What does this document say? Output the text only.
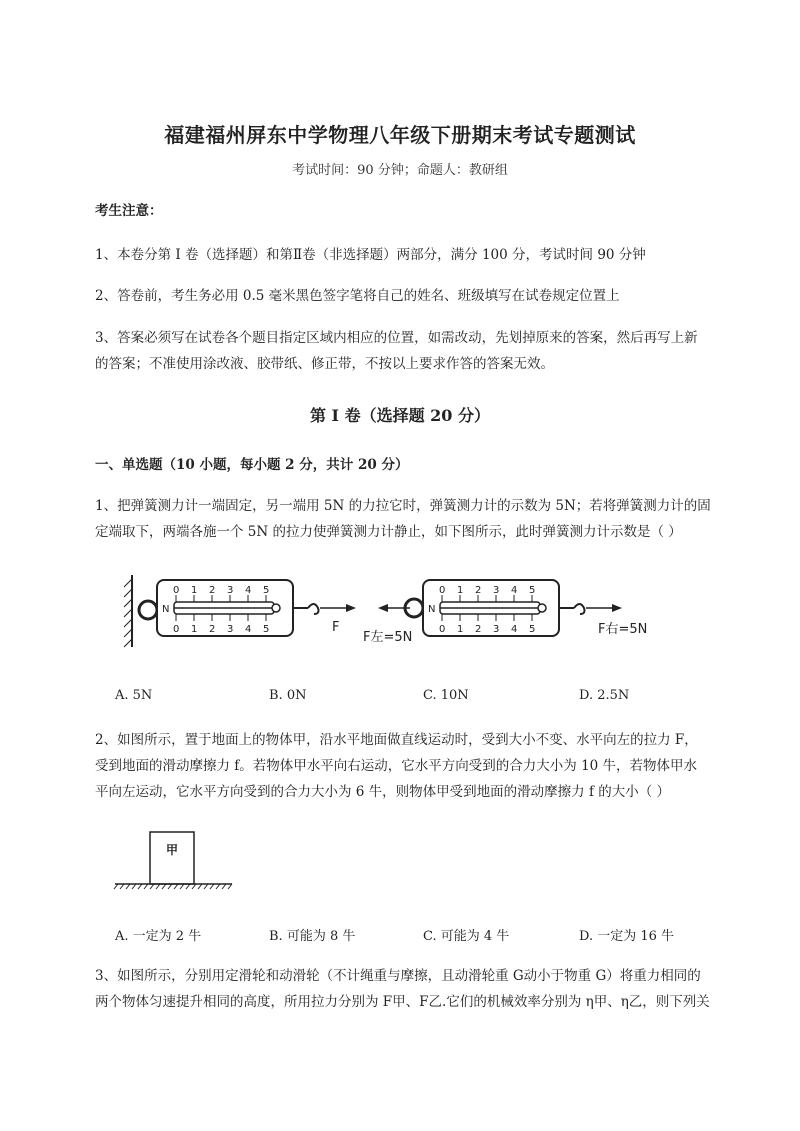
福建福州屏东中学物理八年级下册期末考试专题测试
考试时间：90 分钟；命题人：教研组
考生注意：
1、本卷分第 I 卷（选择题）和第Ⅱ卷（非选择题）两部分，满分 100 分，考试时间 90 分钟
2、答卷前，考生务必用 0.5 毫米黑色签字笔将自己的姓名、班级填写在试卷规定位置上
3、答案必须写在试卷各个题目指定区域内相应的位置，如需改动，先划掉原来的答案，然后再写上新
的答案；不准使用涂改液、胶带纸、修正带，不按以上要求作答的答案无效。
第 I 卷（选择题 20 分）
一、单选题（10 小题，每小题 2 分，共计 20 分）
1、把弹簧测力计一端固定，另一端用 5N 的力拉它时，弹簧测力计的示数为 5N；若将弹簧测力计的固
定端取下，两端各施一个 5N 的拉力使弹簧测力计静止，如下图所示，此时弹簧测力计示数是（ ）
0 1 2 3 4 5
0 1 2 3 4 5
N
F
0 1 2 3 4 5
0 1 2 3 4 5
N
F左=5N
F右=5N
A. 5N	B. 0N	C. 10N	D. 2.5N
2、如图所示，置于地面上的物体甲，沿水平地面做直线运动时，受到大小不变、水平向左的拉力 F，
受到地面的滑动摩擦力 f。若物体甲水平向右运动，它水平方向受到的合力大小为 10 牛，若物体甲水
平向左运动，它水平方向受到的合力大小为 6 牛，则物体甲受到地面的滑动摩擦力 f 的大小（ ）
甲
A. 一定为 2 牛	B. 可能为 8 牛	C. 可能为 4 牛	D. 一定为 16 牛
3、如图所示，分别用定滑轮和动滑轮（不计绳重与摩擦，且动滑轮重 G动小于物重 G）将重力相同的
两个物体匀速提升相同的高度，所用拉力分别为 F甲、F乙.它们的机械效率分别为 η甲、η乙，则下列关
